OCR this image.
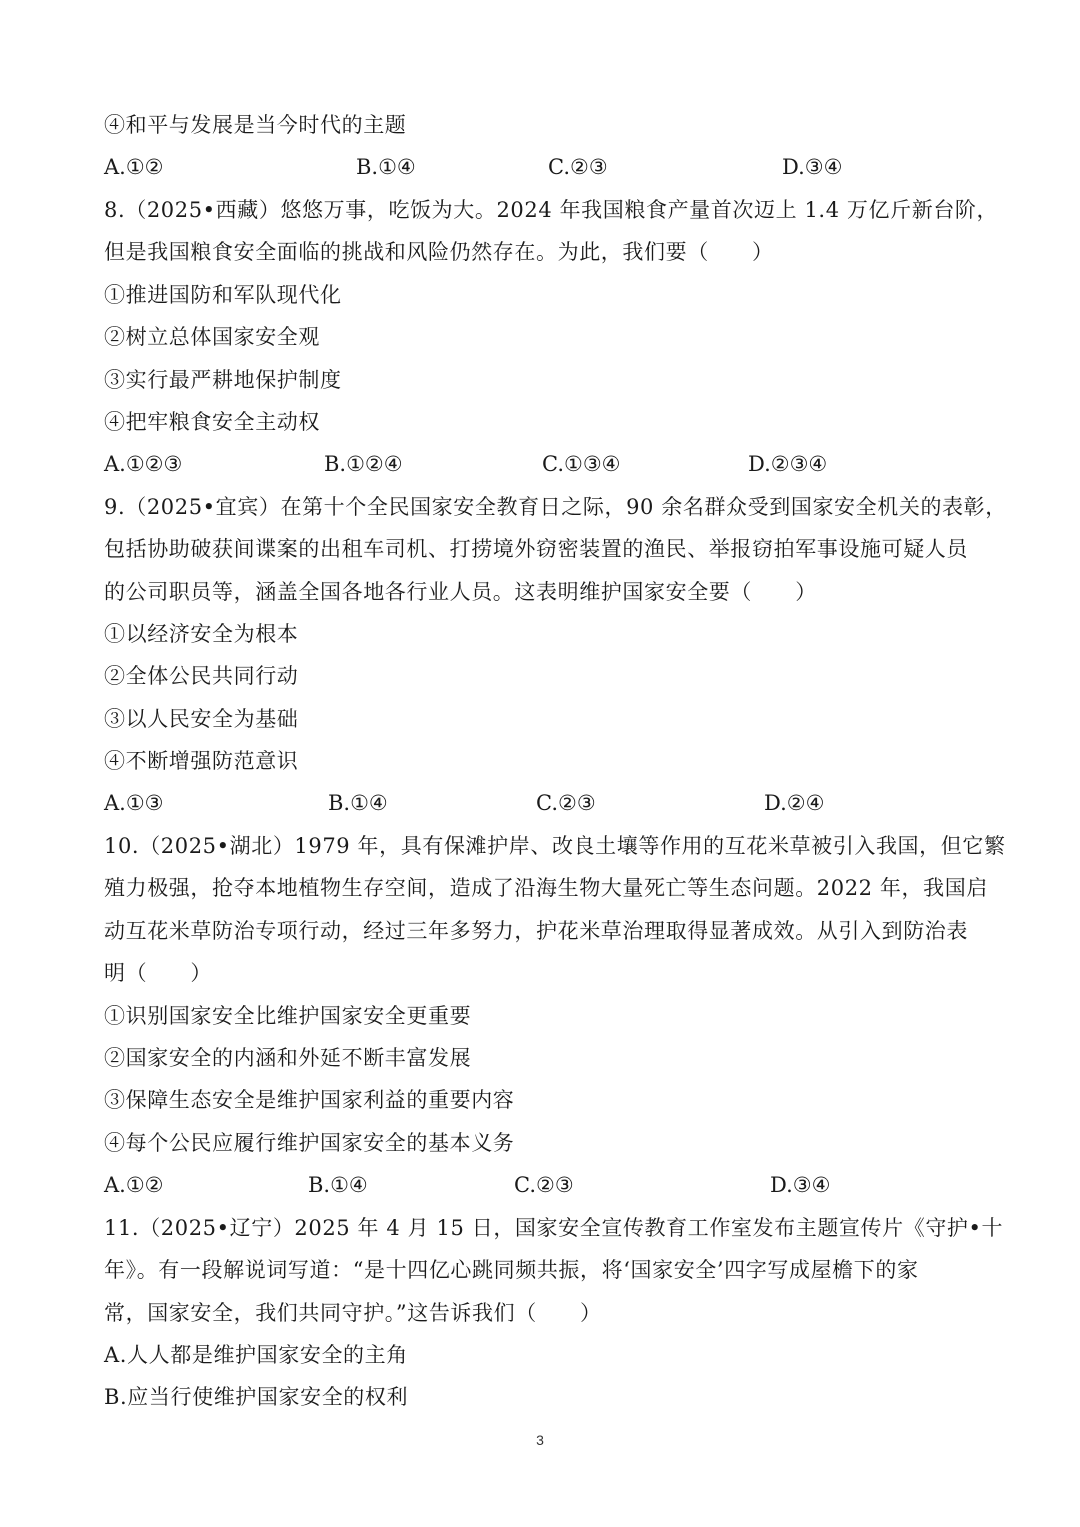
④和平与发展是当今时代的主题
A.①②	B.①④	C.②③	D.③④
8.（2025•西藏）悠悠万事，吃饭为大。2024 年我国粮食产量首次迈上 1.4 万亿斤新台阶，
但是我国粮食安全面临的挑战和风险仍然存在。为此，我们要（　　）
①推进国防和军队现代化
②树立总体国家安全观
③实行最严耕地保护制度
④把牢粮食安全主动权
A.①②③	B.①②④	C.①③④	D.②③④
9.（2025•宜宾）在第十个全民国家安全教育日之际，90 余名群众受到国家安全机关的表彰，
包括协助破获间谍案的出租车司机、打捞境外窃密装置的渔民、举报窃拍军事设施可疑人员
的公司职员等，涵盖全国各地各行业人员。这表明维护国家安全要（　　）
①以经济安全为根本
②全体公民共同行动
③以人民安全为基础
④不断增强防范意识
A.①③	B.①④	C.②③	D.②④
10.（2025•湖北）1979 年，具有保滩护岸、改良土壤等作用的互花米草被引入我国，但它繁
殖力极强，抢夺本地植物生存空间，造成了沿海生物大量死亡等生态问题。2022 年，我国启
动互花米草防治专项行动，经过三年多努力，护花米草治理取得显著成效。从引入到防治表
明（　　）
①识别国家安全比维护国家安全更重要
②国家安全的内涵和外延不断丰富发展
③保障生态安全是维护国家利益的重要内容
④每个公民应履行维护国家安全的基本义务
A.①②	B.①④	C.②③	D.③④
11.（2025•辽宁）2025 年 4 月 15 日，国家安全宣传教育工作室发布主题宣传片《守护•十
年》。有一段解说词写道：“是十四亿心跳同频共振，将‘国家安全’四字写成屋檐下的家
常，国家安全，我们共同守护。”这告诉我们（　　）
A.人人都是维护国家安全的主角
B.应当行使维护国家安全的权利
3
